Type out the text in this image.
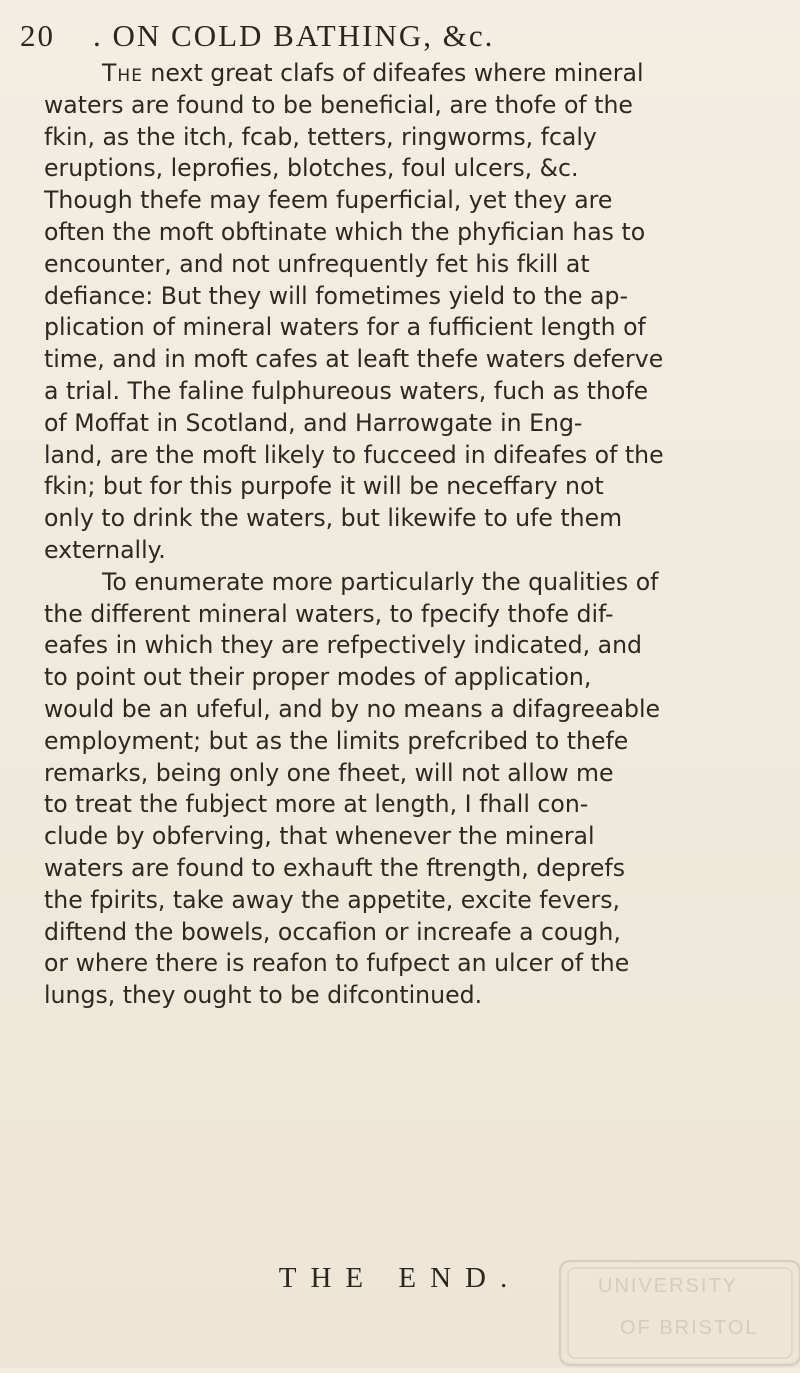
20 . ON COLD BATHING, &c.
The next great clafs of difeafes where mineral
waters are found to be beneficial, are thofe of the
fkin, as the itch, fcab, tetters, ringworms, fcaly
eruptions, leprofies, blotches, foul ulcers, &c.
Though thefe may feem fuperficial, yet they are
often the moft obftinate which the phyfician has to
encounter, and not unfrequently fet his fkill at
defiance: But they will fometimes yield to the ap-
plication of mineral waters for a fufficient length of
time, and in moft cafes at leaft thefe waters deferve
a trial. The faline fulphureous waters, fuch as thofe
of Moffat in Scotland, and Harrowgate in Eng-
land, are the moft likely to fucceed in difeafes of the
fkin; but for this purpofe it will be neceffary not
only to drink the waters, but likewife to ufe them
externally.
To enumerate more particularly the qualities of
the different mineral waters, to fpecify thofe dif-
eafes in which they are refpectively indicated, and
to point out their proper modes of application,
would be an ufeful, and by no means a difagreeable
employment; but as the limits prefcribed to thefe
remarks, being only one fheet, will not allow me
to treat the fubject more at length, I fhall con-
clude by obferving, that whenever the mineral
waters are found to exhauft the ftrength, deprefs
the fpirits, take away the appetite, excite fevers,
diftend the bowels, occafion or increafe a cough,
or where there is reafon to fufpect an ulcer of the
lungs, they ought to be difcontinued.
THE END.	UNIVERSITY
OF BRISTOL
